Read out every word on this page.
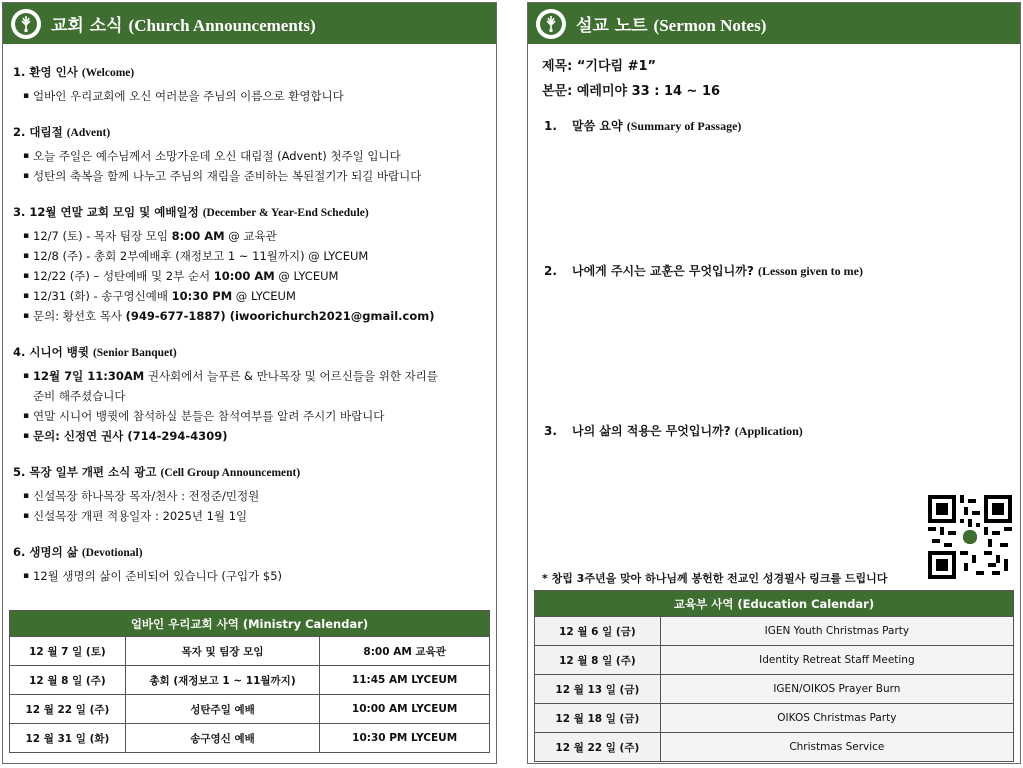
교회 소식 (Church Announcements)
1. 환영 인사 (Welcome)
▪ 얼바인 우리교회에 오신 여러분을 주님의 이름으로 환영합니다
2. 대림절 (Advent)
▪ 오늘 주일은 예수님께서 소망가운데 오신 대림절 (Advent) 첫주일 입니다
▪ 성탄의 축복을 함께 나누고 주님의 재림을 준비하는 복된절기가 되길 바랍니다
3. 12월 연말 교회 모임 및 예배일정 (December & Year-End Schedule)
▪ 12/7 (토) - 목자 팀장 모임 8:00 AM @ 교육관
▪ 12/8 (주) - 총회 2부예배후 (재정보고 1 ~ 11월까지) @ LYCEUM
▪ 12/22 (주) – 성탄예배 및 2부 순서 10:00 AM @ LYCEUM
▪ 12/31 (화) - 송구영신예배 10:30 PM @ LYCEUM
▪ 문의: 황선호 목사 (949-677-1887) (iwoorichurch2021@gmail.com)
4. 시니어 뱅큇 (Senior Banquet)
▪ 12월 7일 11:30AM 권사회에서 늘푸른 & 만나목장 및 어르신들을 위한 자리를
준비 해주셨습니다
▪ 연말 시니어 뱅큇에 참석하실 분들은 참석여부를 알려 주시기 바랍니다
▪ 문의: 신정연 권사 (714-294-4309)
5. 목장 일부 개편 소식 광고 (Cell Group Announcement)
▪ 신설목장 하나목장 목자/천사 : 전정준/민정원
▪ 신설목장 개편 적용일자 : 2025년 1월 1일
6. 생명의 삶 (Devotional)
▪ 12월 생명의 삶이 준비되어 있습니다 (구입가 $5)
얼바인 우리교회 사역 (Ministry Calendar)		
12 월 7 일 (토)	목자 및 팀장 모임	8:00 AM 교육관
12 월 8 일 (주)	총회 (재정보고 1 ~ 11월까지)	11:45 AM LYCEUM
12 월 22 일 (주)	성탄주일 예배	10:00 AM LYCEUM
12 월 31 일 (화)	송구영신 예배	10:30 PM LYCEUM
설교 노트 (Sermon Notes)
제목: “기다림 #1”
본문: 예레미야 33 : 14 ~ 16
1. 말씀 요약 (Summary of Passage)
2. 나에게 주시는 교훈은 무엇입니까? (Lesson given to me)
3. 나의 삶의 적용은 무엇입니까? (Application)
* 창립 3주년을 맞아 하나님께 봉헌한 전교인 성경필사 링크를 드립니다
교육부 사역 (Education Calendar)	
12 월 6 일 (금)	IGEN Youth Christmas Party
12 월 8 일 (주)	Identity Retreat Staff Meeting
12 월 13 일 (금)	IGEN/OIKOS Prayer Burn
12 월 18 일 (금)	OIKOS Christmas Party
12 월 22 일 (주)	Christmas Service
